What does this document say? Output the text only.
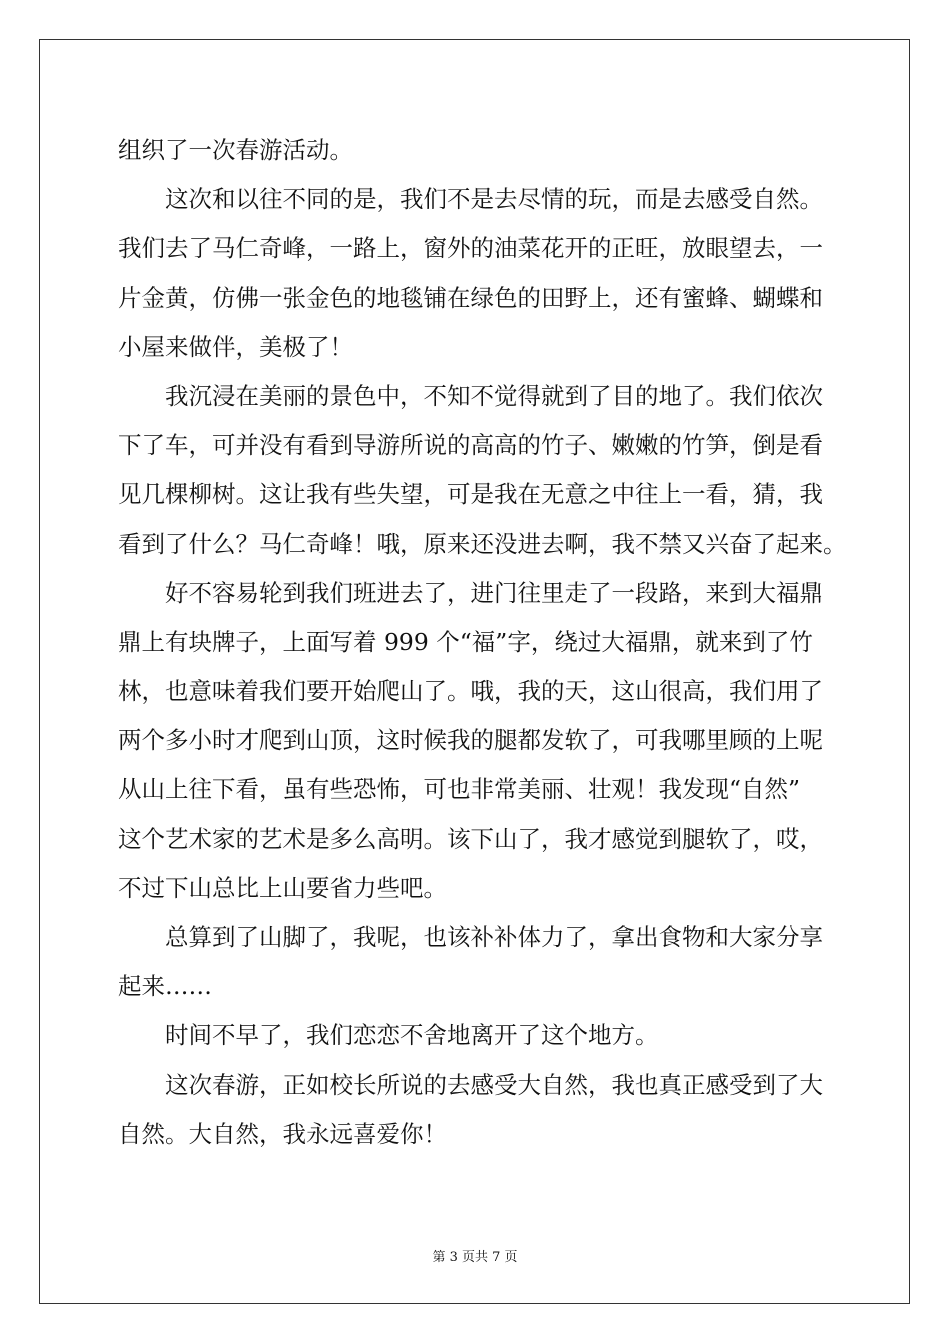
组织了一次春游活动。
这次和以往不同的是，我们不是去尽情的玩，而是去感受自然。
我们去了马仁奇峰，一路上，窗外的油菜花开的正旺，放眼望去，一
片金黄，仿佛一张金色的地毯铺在绿色的田野上，还有蜜蜂、蝴蝶和
小屋来做伴，美极了！
我沉浸在美丽的景色中，不知不觉得就到了目的地了。我们依次
下了车，可并没有看到导游所说的高高的竹子、嫩嫩的竹笋，倒是看
见几棵柳树。这让我有些失望，可是我在无意之中往上一看，猜，我
看到了什么？马仁奇峰！哦，原来还没进去啊，我不禁又兴奋了起来。
好不容易轮到我们班进去了，进门往里走了一段路，来到大福鼎
鼎上有块牌子，上面写着 999 个“福”字，绕过大福鼎，就来到了竹
林，也意味着我们要开始爬山了。哦，我的天，这山很高，我们用了
两个多小时才爬到山顶，这时候我的腿都发软了，可我哪里顾的上呢
从山上往下看，虽有些恐怖，可也非常美丽、壮观！我发现“自然”
这个艺术家的艺术是多么高明。该下山了，我才感觉到腿软了，哎，
不过下山总比上山要省力些吧。
总算到了山脚了，我呢，也该补补体力了，拿出食物和大家分享
起来……
时间不早了，我们恋恋不舍地离开了这个地方。
这次春游，正如校长所说的去感受大自然，我也真正感受到了大
自然。大自然，我永远喜爱你！
第 3 页共 7 页
